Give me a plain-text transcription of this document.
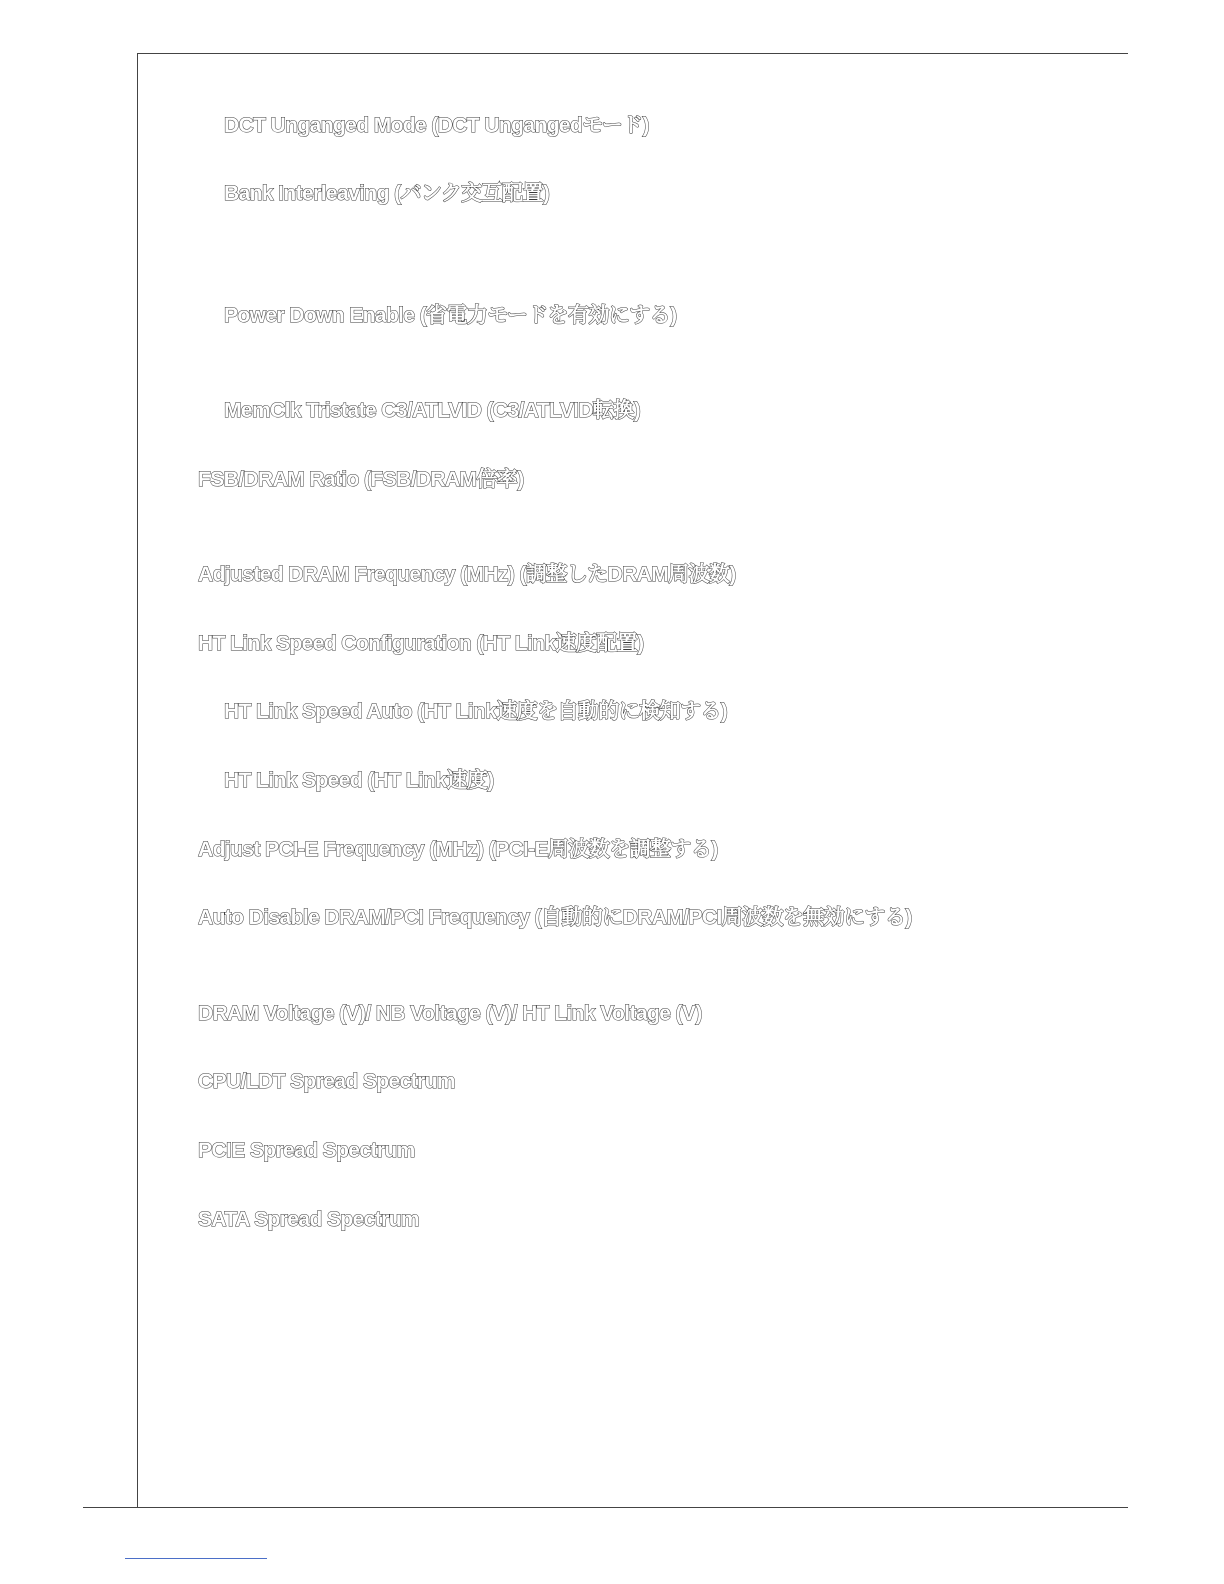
DCT Unganged Mode (DCT Ungangedモード)
Bank Interleaving (バンク交互配置)
Power Down Enable (省電力モードを有効にする)
MemClk Tristate C3/ATLVID (C3/ATLVID転換)
FSB/DRAM Ratio (FSB/DRAM倍率)
Adjusted DRAM Frequency (MHz) (調整したDRAM周波数)
HT Link Speed Configuration (HT Link速度配置)
HT Link Speed Auto (HT Link速度を自動的に検知する)
HT Link Speed (HT Link速度)
Adjust PCI-E Frequency (MHz) (PCI-E周波数を調整する)
Auto Disable DRAM/PCI Frequency (自動的にDRAM/PCI周波数を無効にする)
DRAM Voltage (V)/ NB Voltage (V)/ HT Link Voltage (V)
CPU/LDT Spread Spectrum
PCIE Spread Spectrum
SATA Spread Spectrum
